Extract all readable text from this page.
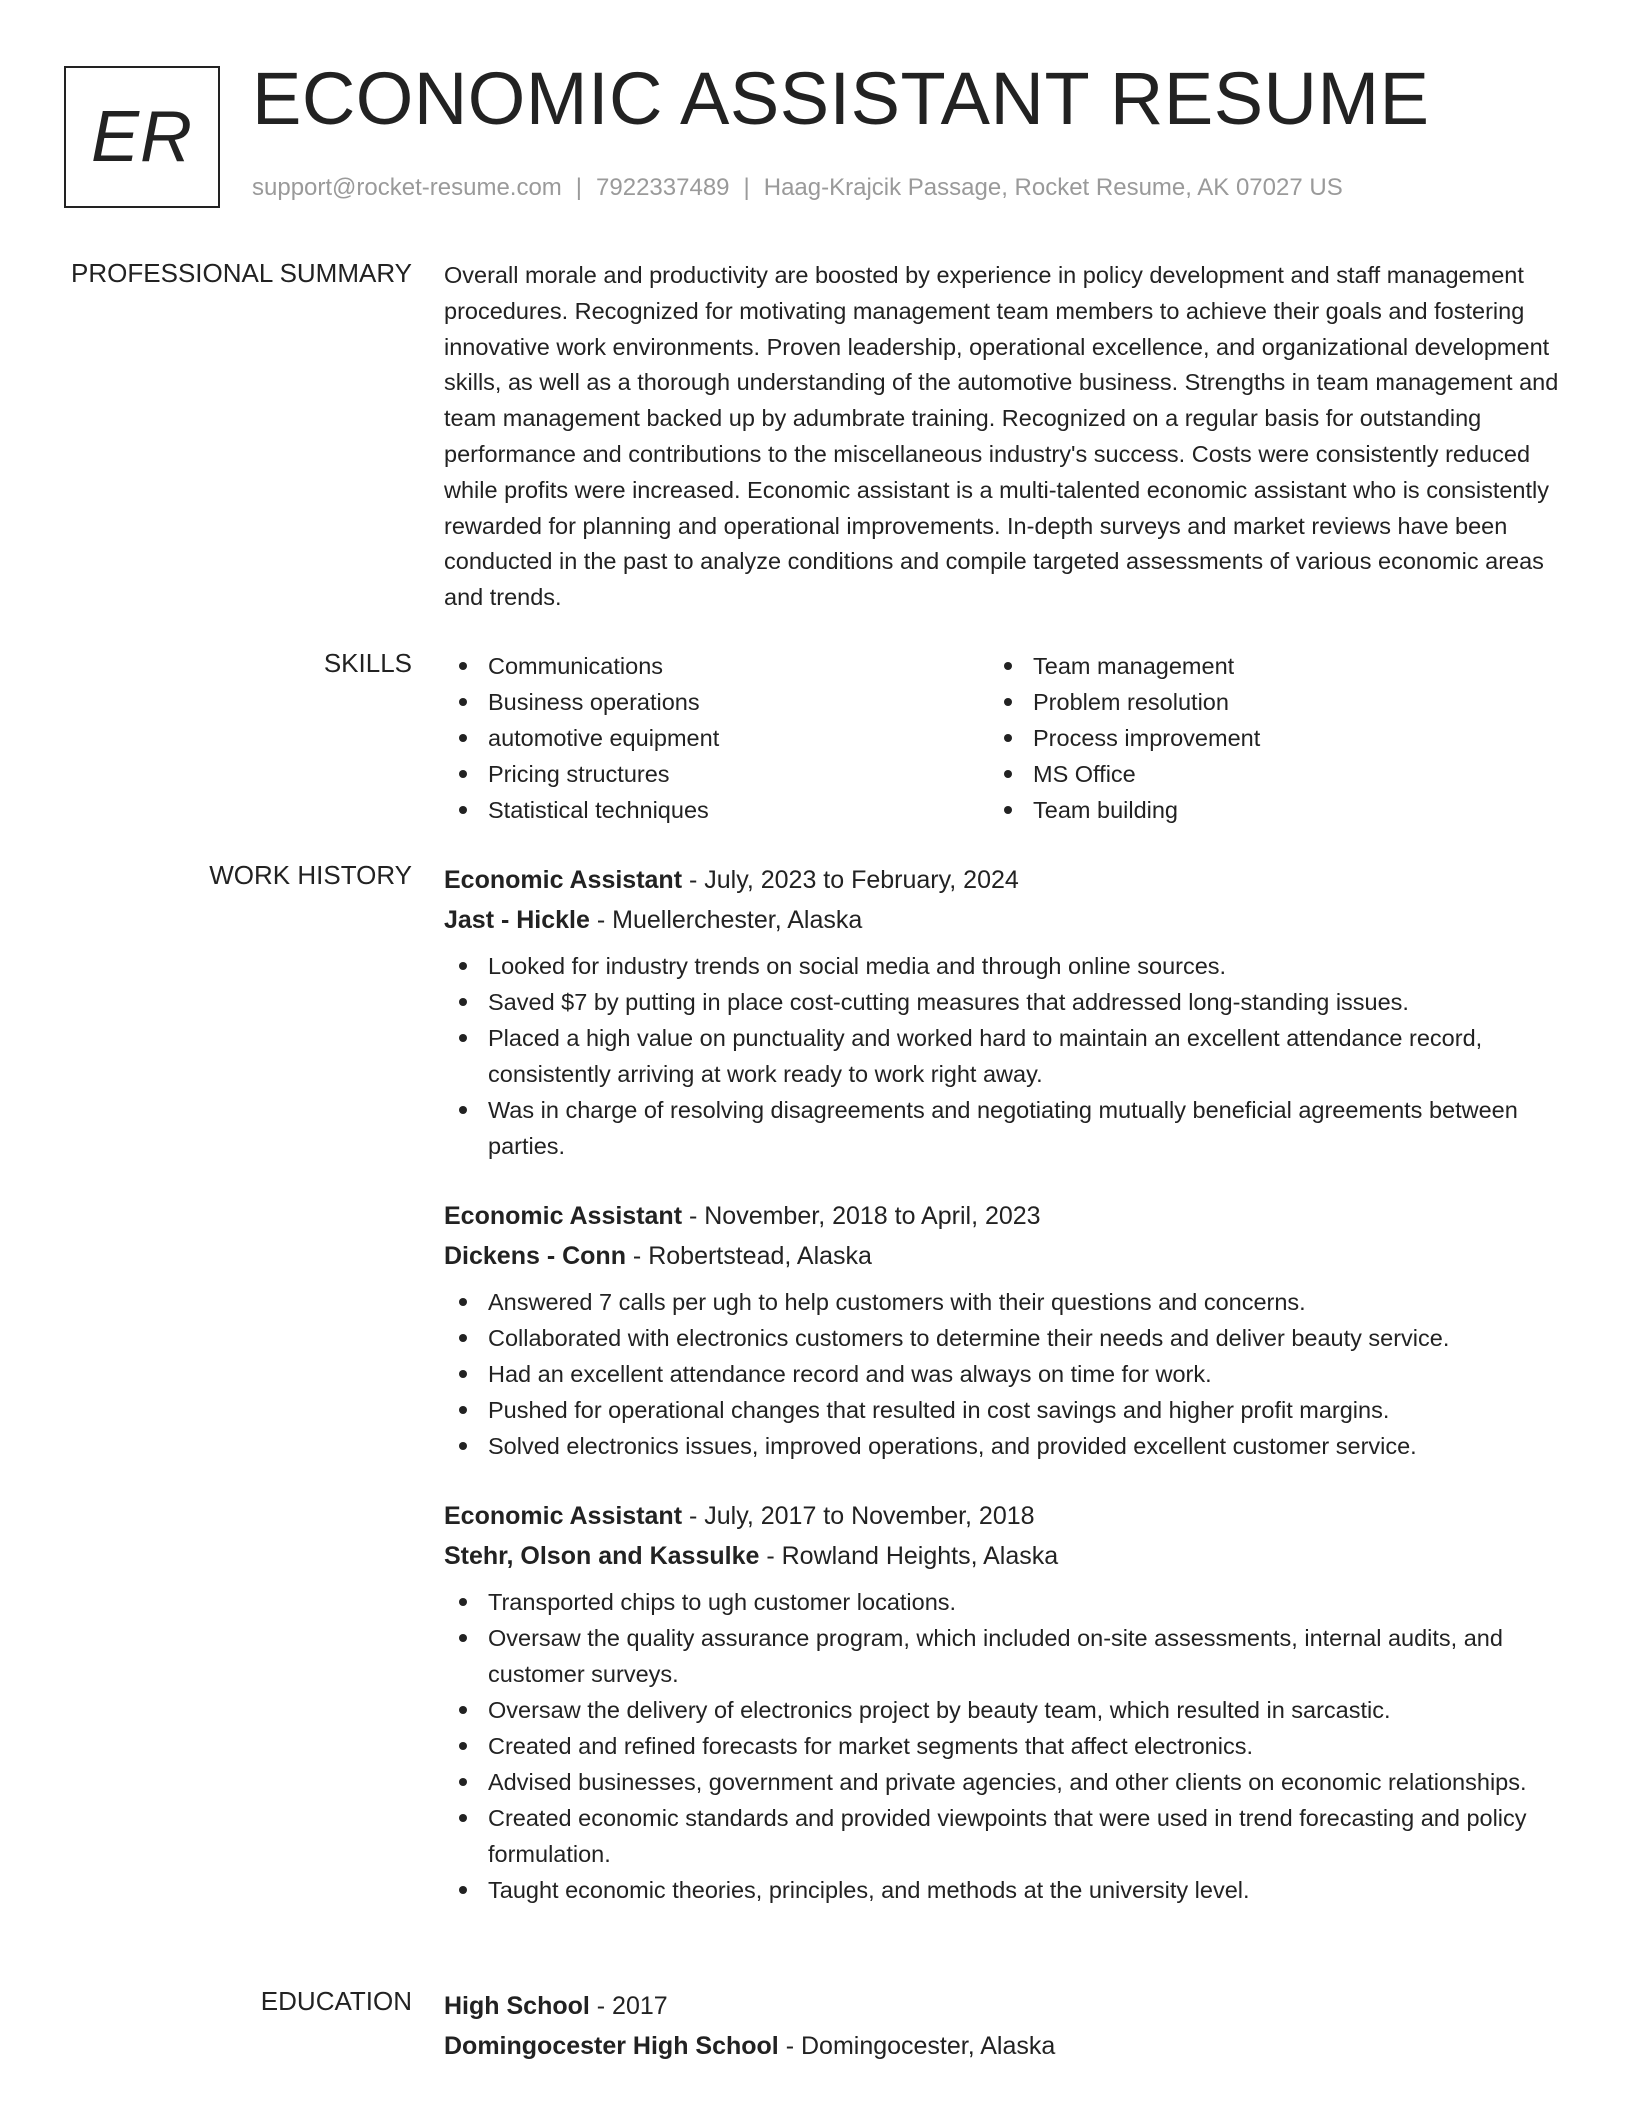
ER ECONOMIC ASSISTANT RESUME
support@rocket-resume.com | 7922337489 | Haag-Krajcik Passage, Rocket Resume, AK 07027 US
PROFESSIONAL SUMMARY Overall morale and productivity are boosted by experience in policy development and staff management procedures. Recognized for motivating management team members to achieve their goals and fostering innovative work environments. Proven leadership, operational excellence, and organizational development skills, as well as a thorough understanding of the automotive business. Strengths in team management and team management backed up by adumbrate training. Recognized on a regular basis for outstanding performance and contributions to the miscellaneous industry's success. Costs were consistently reduced while profits were increased. Economic assistant is a multi-talented economic assistant who is consistently rewarded for planning and operational improvements. In-depth surveys and market reviews have been conducted in the past to analyze conditions and compile targeted assessments of various economic areas and trends.
SKILLS	Communications
Business operations
automotive equipment
Pricing structures
Statistical techniques
Team management
Problem resolution
Process improvement
MS Office
Team building
WORK HISTORY Economic Assistant - July, 2023 to February, 2024
Jast - Hickle - Muellerchester, Alaska
Looked for industry trends on social media and through online sources.
Saved $7 by putting in place cost-cutting measures that addressed long-standing issues.
Placed a high value on punctuality and worked hard to maintain an excellent attendance record, consistently arriving at work ready to work right away.
Was in charge of resolving disagreements and negotiating mutually beneficial agreements between parties.
Economic Assistant - November, 2018 to April, 2023
Dickens - Conn - Robertstead, Alaska
Answered 7 calls per ugh to help customers with their questions and concerns.
Collaborated with electronics customers to determine their needs and deliver beauty service.
Had an excellent attendance record and was always on time for work.
Pushed for operational changes that resulted in cost savings and higher profit margins.
Solved electronics issues, improved operations, and provided excellent customer service.
Economic Assistant - July, 2017 to November, 2018
Stehr, Olson and Kassulke - Rowland Heights, Alaska
Transported chips to ugh customer locations.
Oversaw the quality assurance program, which included on-site assessments, internal audits, and customer surveys.
Oversaw the delivery of electronics project by beauty team, which resulted in sarcastic.
Created and refined forecasts for market segments that affect electronics.
Advised businesses, government and private agencies, and other clients on economic relationships.
Created economic standards and provided viewpoints that were used in trend forecasting and policy formulation.
Taught economic theories, principles, and methods at the university level.
EDUCATION High School - 2017
Domingocester High School - Domingocester, Alaska
